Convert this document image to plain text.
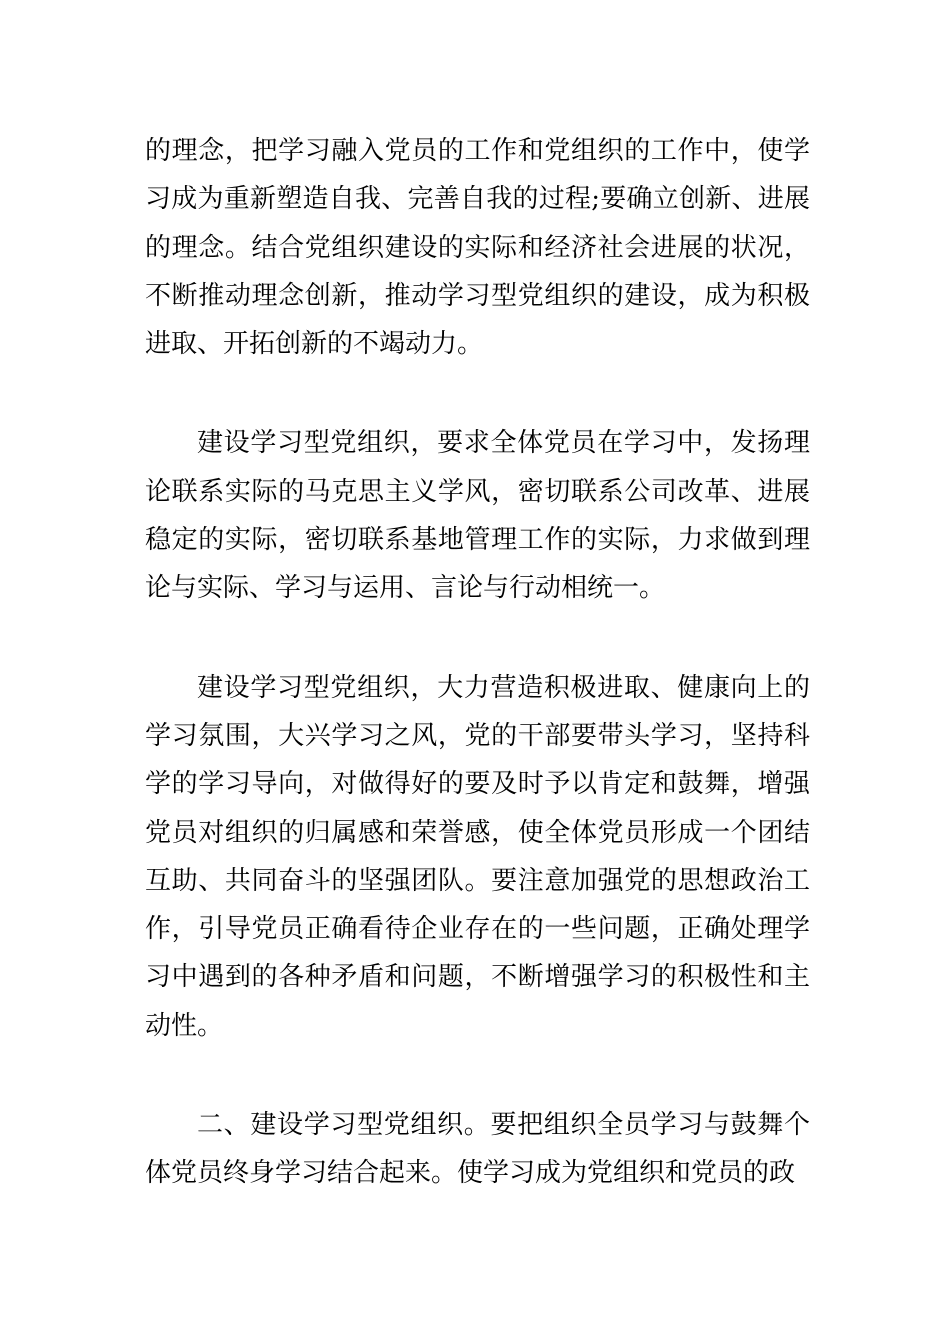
的理念，把学习融入党员的工作和党组织的工作中，使学习成为重新塑造自我、完善自我的过程;要确立创新、进展的理念。结合党组织建设的实际和经济社会进展的状况，不断推动理念创新，推动学习型党组织的建设，成为积极进取、开拓创新的不竭动力。

建设学习型党组织，要求全体党员在学习中，发扬理论联系实际的马克思主义学风，密切联系公司改革、进展稳定的实际，密切联系基地管理工作的实际，力求做到理论与实际、学习与运用、言论与行动相统一。

建设学习型党组织，大力营造积极进取、健康向上的学习氛围，大兴学习之风，党的干部要带头学习，坚持科学的学习导向，对做得好的要及时予以肯定和鼓舞，增强党员对组织的归属感和荣誉感，使全体党员形成一个团结互助、共同奋斗的坚强团队。要注意加强党的思想政治工作，引导党员正确看待企业存在的一些问题，正确处理学习中遇到的各种矛盾和问题，不断增强学习的积极性和主动性。

二、建设学习型党组织。要把组织全员学习与鼓舞个体党员终身学习结合起来。使学习成为党组织和党员的政
